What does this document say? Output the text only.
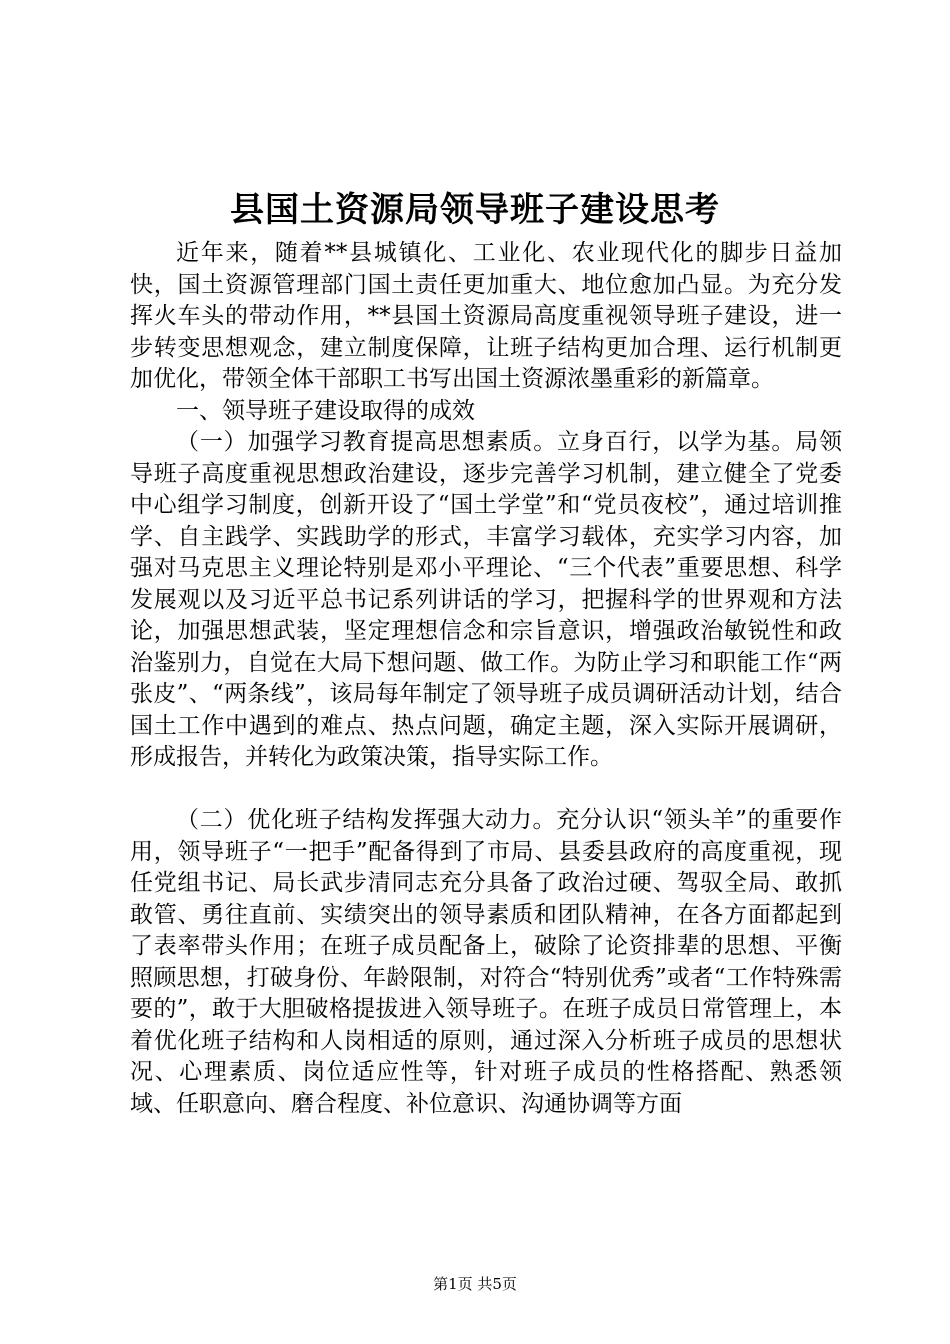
县国土资源局领导班子建设思考

近年来，随着**县城镇化、工业化、农业现代化的脚步日益加快，国土资源管理部门国土责任更加重大、地位愈加凸显。为充分发挥火车头的带动作用，**县国土资源局高度重视领导班子建设，进一步转变思想观念，建立制度保障，让班子结构更加合理、运行机制更加优化，带领全体干部职工书写出国土资源浓墨重彩的新篇章。

一、领导班子建设取得的成效

（一）加强学习教育提高思想素质。立身百行，以学为基。局领导班子高度重视思想政治建设，逐步完善学习机制，建立健全了党委中心组学习制度，创新开设了“国土学堂”和“党员夜校”，通过培训推学、自主践学、实践助学的形式，丰富学习载体，充实学习内容，加强对马克思主义理论特别是邓小平理论、“三个代表”重要思想、科学发展观以及习近平总书记系列讲话的学习，把握科学的世界观和方法论，加强思想武装，坚定理想信念和宗旨意识，增强政治敏锐性和政治鉴别力，自觉在大局下想问题、做工作。为防止学习和职能工作“两张皮”、“两条线”，该局每年制定了领导班子成员调研活动计划，结合国土工作中遇到的难点、热点问题，确定主题，深入实际开展调研，形成报告，并转化为政策决策，指导实际工作。

（二）优化班子结构发挥强大动力。充分认识“领头羊”的重要作用，领导班子“一把手”配备得到了市局、县委县政府的高度重视，现任党组书记、局长武步清同志充分具备了政治过硬、驾驭全局、敢抓敢管、勇往直前、实绩突出的领导素质和团队精神，在各方面都起到了表率带头作用；在班子成员配备上，破除了论资排辈的思想、平衡照顾思想，打破身份、年龄限制，对符合“特别优秀”或者“工作特殊需要的”，敢于大胆破格提拔进入领导班子。在班子成员日常管理上，本着优化班子结构和人岗相适的原则，通过深入分析班子成员的思想状况、心理素质、岗位适应性等，针对班子成员的性格搭配、熟悉领域、任职意向、磨合程度、补位意识、沟通协调等方面

第1页 共5页
